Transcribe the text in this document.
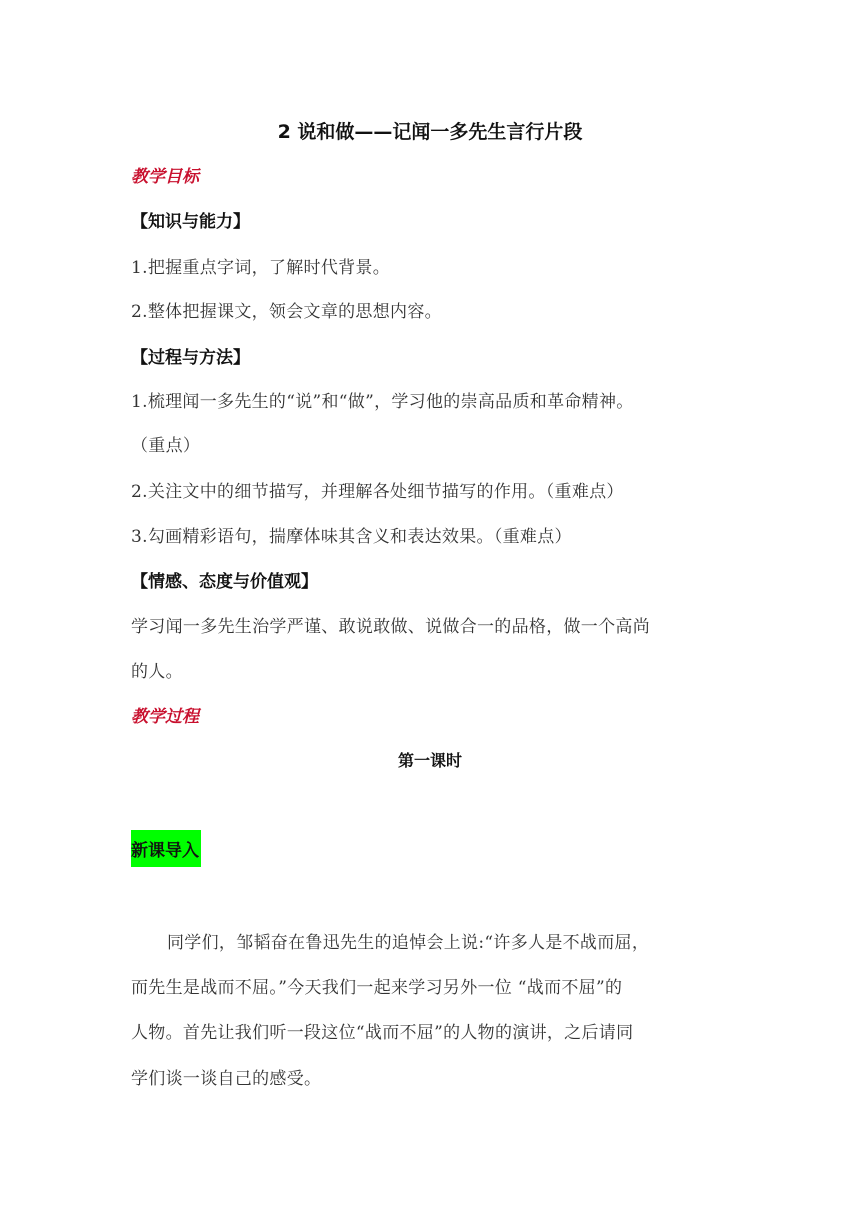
2 说和做——记闻一多先生言行片段
教学目标
【知识与能力】
1.把握重点字词，了解时代背景。
2.整体把握课文，领会文章的思想内容。
【过程与方法】
1.梳理闻一多先生的“说”和“做”，学习他的崇高品质和革命精神。
（重点）
2.关注文中的细节描写，并理解各处细节描写的作用。（重难点）
3.勾画精彩语句，揣摩体味其含义和表达效果。（重难点）
【情感、态度与价值观】
学习闻一多先生治学严谨、敢说敢做、说做合一的品格，做一个高尚
的人。
教学过程
第一课时
新课导入
同学们，邹韬奋在鲁迅先生的追悼会上说:“许多人是不战而屈，
而先生是战而不屈。”今天我们一起来学习另外一位 “战而不屈”的
人物。首先让我们听一段这位“战而不屈”的人物的演讲，之后请同
学们谈一谈自己的感受。
